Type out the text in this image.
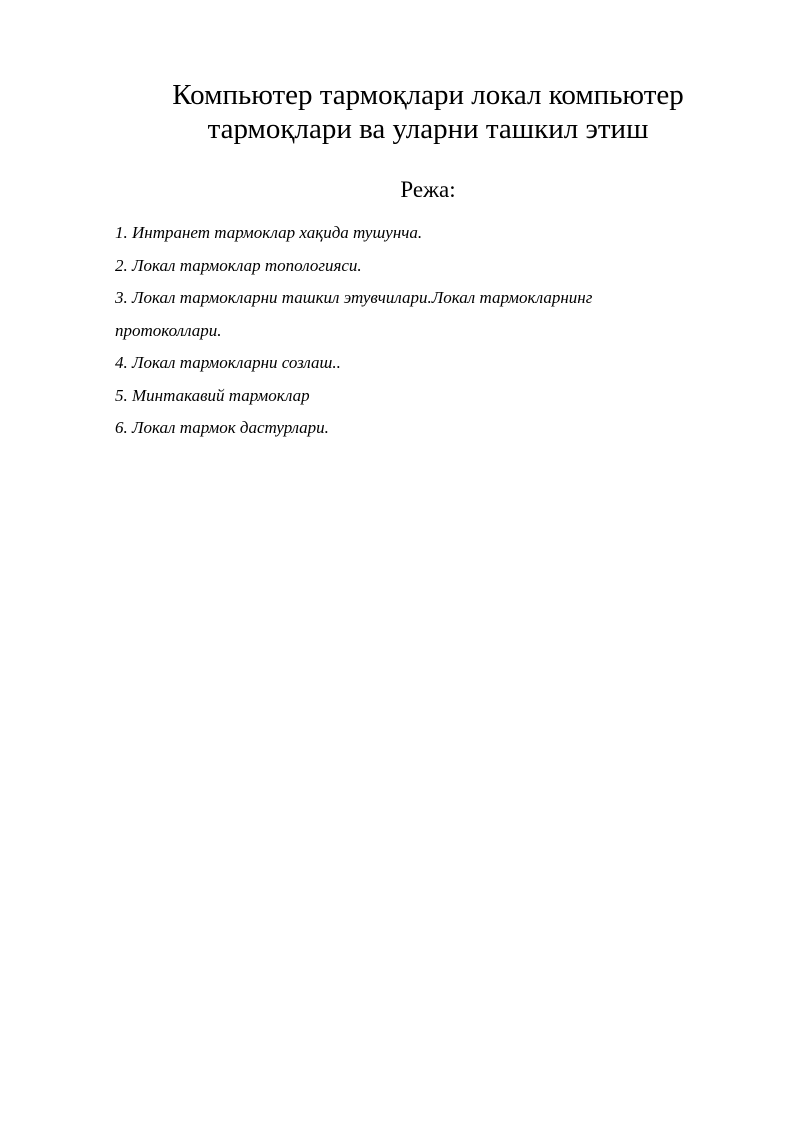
Компьютер тармоқлари локал компьютер
тармоқлари ва уларни ташкил этиш
Режа:
1. Интранет тармоклар хақида тушунча.
2. Локал тармоклар топологияси.
3. Локал тармокларни ташкил этувчилари.Локал тармокларнинг
протоколлари.
4. Локал тармокларни созлаш..
5. Минтакавий тармоклар
6. Локал тармок дастурлари.
